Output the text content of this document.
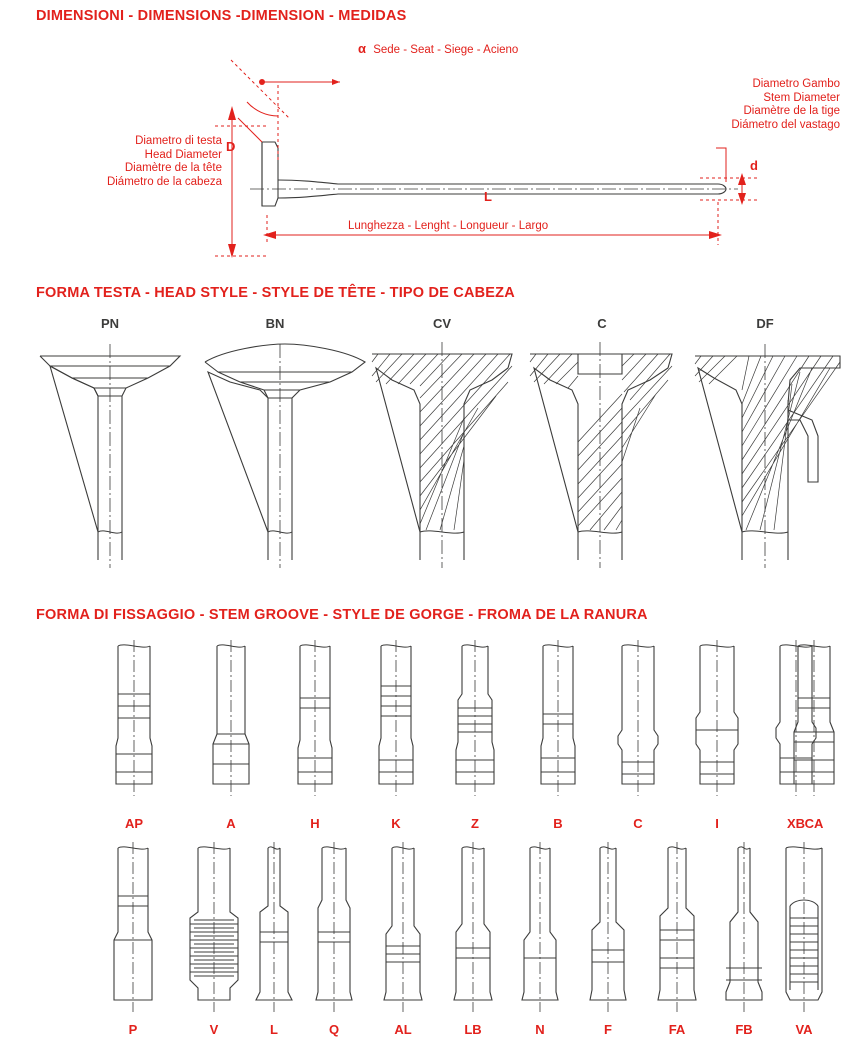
DIMENSIONI - DIMENSIONS -DIMENSION - MEDIDAS
α Sede - Seat - Siege - Acieno
Diametro di testa
Head Diameter
Diamètre de la tête
Diámetro de la cabeza
Diametro Gambo
Stem Diameter
Diamètre de la tige
Diámetro del vastago
D
d
L
Lunghezza - Lenght - Longueur - Largo
FORMA TESTA - HEAD STYLE - STYLE DE TÊTE - TIPO DE CABEZA
PN	BN	CV	C	DF
FORMA DI FISSAGGIO - STEM GROOVE - STYLE DE GORGE - FROMA DE LA RANURA
AP	A	H	K	Z	B	C	I	XB CA
P	V	L	Q	AL	LB	N	F	FA	FB	VA
